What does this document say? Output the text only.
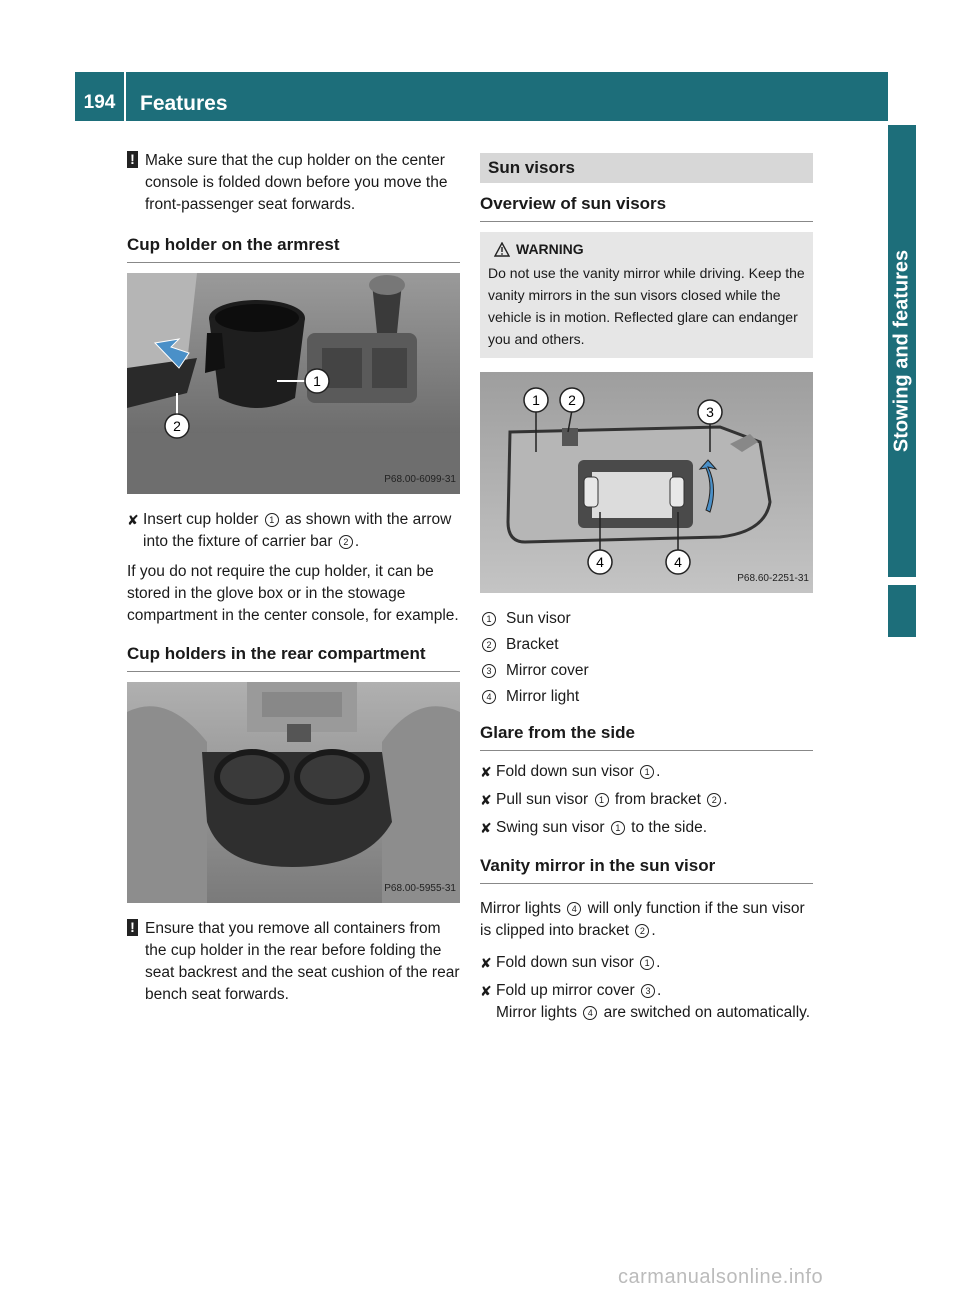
194	Features
Stowing and features
! Make sure that the cup holder on the center console is folded down before you move the front-passenger seat forwards.
Cup holder on the armrest
1
2
P68.00-6099-31
✘ Insert cup holder 1 as shown with the arrow into the fixture of carrier bar 2 .
If you do not require the cup holder, it can be stored in the glove box or in the stowage compartment in the center console, for example.
Cup holders in the rear compartment
P68.00-5955-31
! Ensure that you remove all containers from the cup holder in the rear before folding the seat backrest and the seat cushion of the rear bench seat forwards.
Sun visors
Overview of sun visors
WARNING
Do not use the vanity mirror while driving. Keep the vanity mirrors in the sun visors closed while the vehicle is in motion. Reflected glare can endanger you and others.
1 2
3
4	4
P68.60-2251-31
1 Sun visor
2 Bracket
3 Mirror cover
4 Mirror light
Glare from the side
✘ Fold down sun visor 1 .
✘ Pull sun visor 1 from bracket 2 .
✘ Swing sun visor 1 to the side.
Vanity mirror in the sun visor
Mirror lights 4 will only function if the sun visor is clipped into bracket 2 .
✘ Fold down sun visor 1 .
✘ Fold up mirror cover 3 .
Mirror lights 4 are switched on automatically.
carmanualsonline.info
